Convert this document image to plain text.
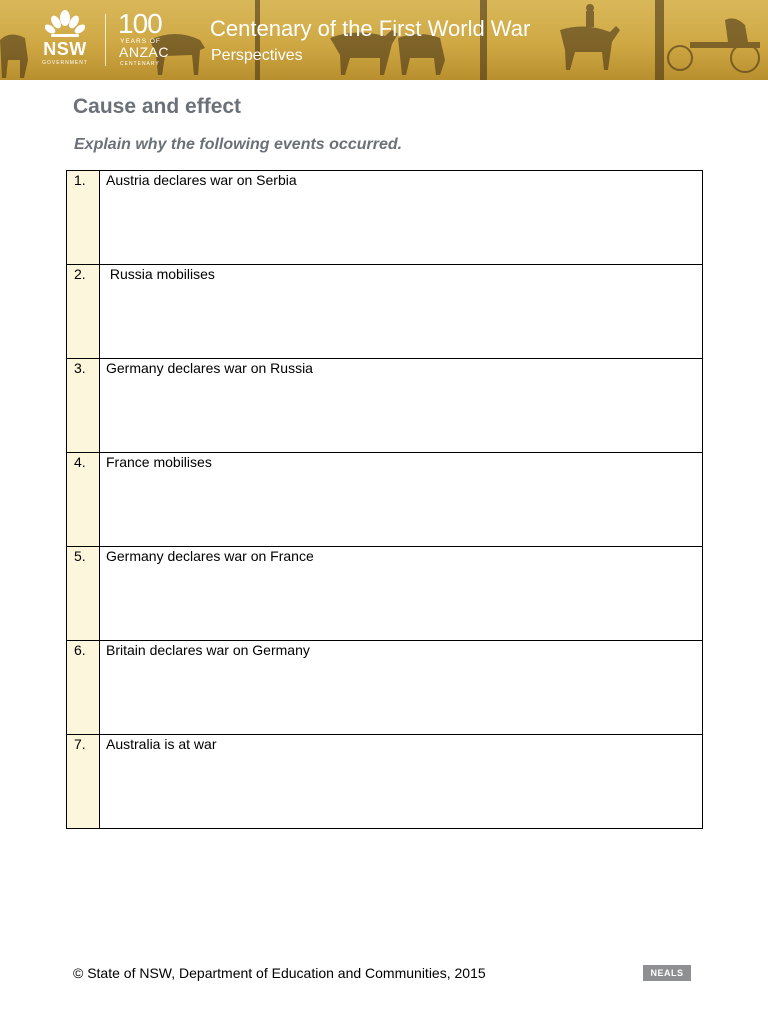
NSW
GOVERNMENT
100
YEARS OF
ANZAC
CENTENARY
Centenary of the First World War
Perspectives
Cause and effect
Explain why the following events occurred.
1.	Austria declares war on Serbia
2.	Russia mobilises
3.	Germany declares war on Russia
4.	France mobilises
5.	Germany declares war on France
6.	Britain declares war on Germany
7.	Australia is at war
© State of NSW, Department of Education and Communities, 2015	NEALS
